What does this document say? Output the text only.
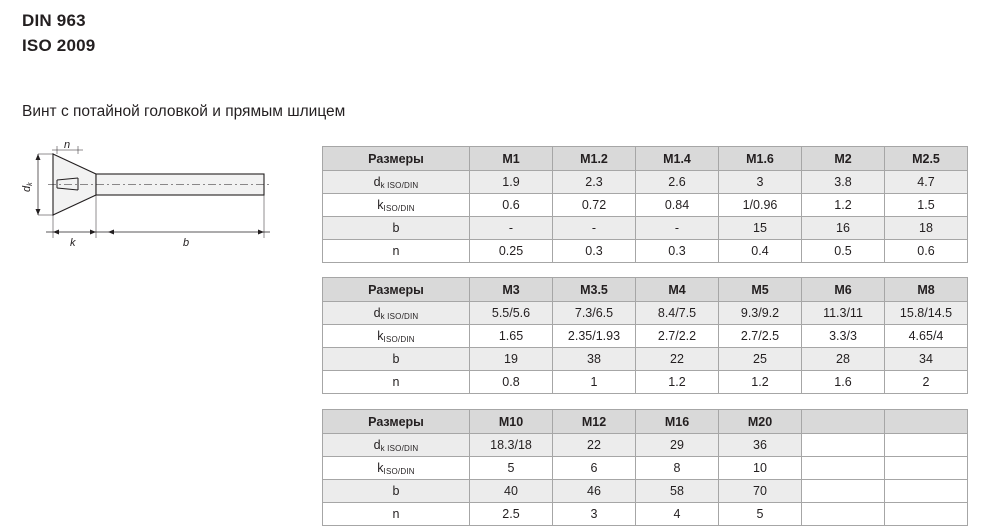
DIN 963
ISO 2009
Винт с потайной головкой и прямым шлицем
dk
n
k	b
Размеры	M1	M1.2	M1.4	M1.6	M2	M2.5
dk ISO/DIN	1.9	2.3	2.6	3	3.8	4.7
kISO/DIN	0.6	0.72	0.84	1/0.96	1.2	1.5
b	-	-	-	15	16	18
n	0.25	0.3	0.3	0.4	0.5	0.6
Размеры	M3	M3.5	M4	M5	M6	M8
dk ISO/DIN	5.5/5.6	7.3/6.5	8.4/7.5	9.3/9.2	11.3/11	15.8/14.5
kISO/DIN	1.65	2.35/1.93	2.7/2.2	2.7/2.5	3.3/3	4.65/4
b	19	38	22	25	28	34
n	0.8	1	1.2	1.2	1.6	2
Размеры	M10	M12	M16	M20		
dk ISO/DIN	18.3/18	22	29	36		
kISO/DIN	5	6	8	10		
b	40	46	58	70		
n	2.5	3	4	5		
